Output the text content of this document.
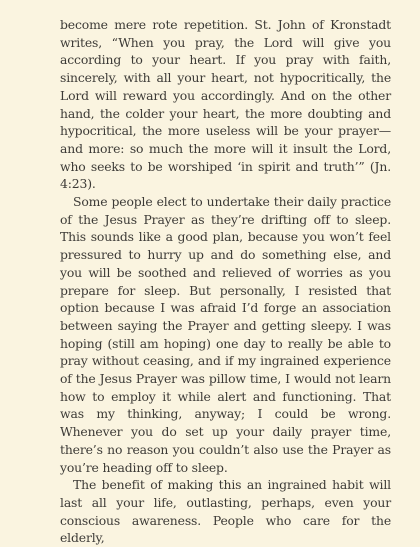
become mere rote repetition. St. John of Kronstadt writes, “When you pray, the Lord will give you according to your heart. If you pray with faith, sincerely, with all your heart, not hypocritically, the Lord will reward you accordingly. And on the other hand, the colder your heart, the more doubting and hypocritical, the more useless will be your prayer—and more: so much the more will it insult the Lord, who seeks to be worshiped ‘in spirit and truth’” (Jn. 4:23).

Some people elect to undertake their daily practice of the Jesus Prayer as they’re drifting off to sleep. This sounds like a good plan, because you won’t feel pressured to hurry up and do something else, and you will be soothed and relieved of worries as you prepare for sleep. But personally, I resisted that option because I was afraid I’d forge an association between saying the Prayer and getting sleepy. I was hoping (still am hoping) one day to really be able to pray without ceasing, and if my ingrained experience of the Jesus Prayer was pillow time, I would not learn how to employ it while alert and functioning. That was my thinking, anyway; I could be wrong. Whenever you do set up your daily prayer time, there’s no reason you couldn’t also use the Prayer as you’re heading off to sleep.

The benefit of making this an ingrained habit will last all your life, outlasting, perhaps, even your conscious awareness. People who care for the elderly,
